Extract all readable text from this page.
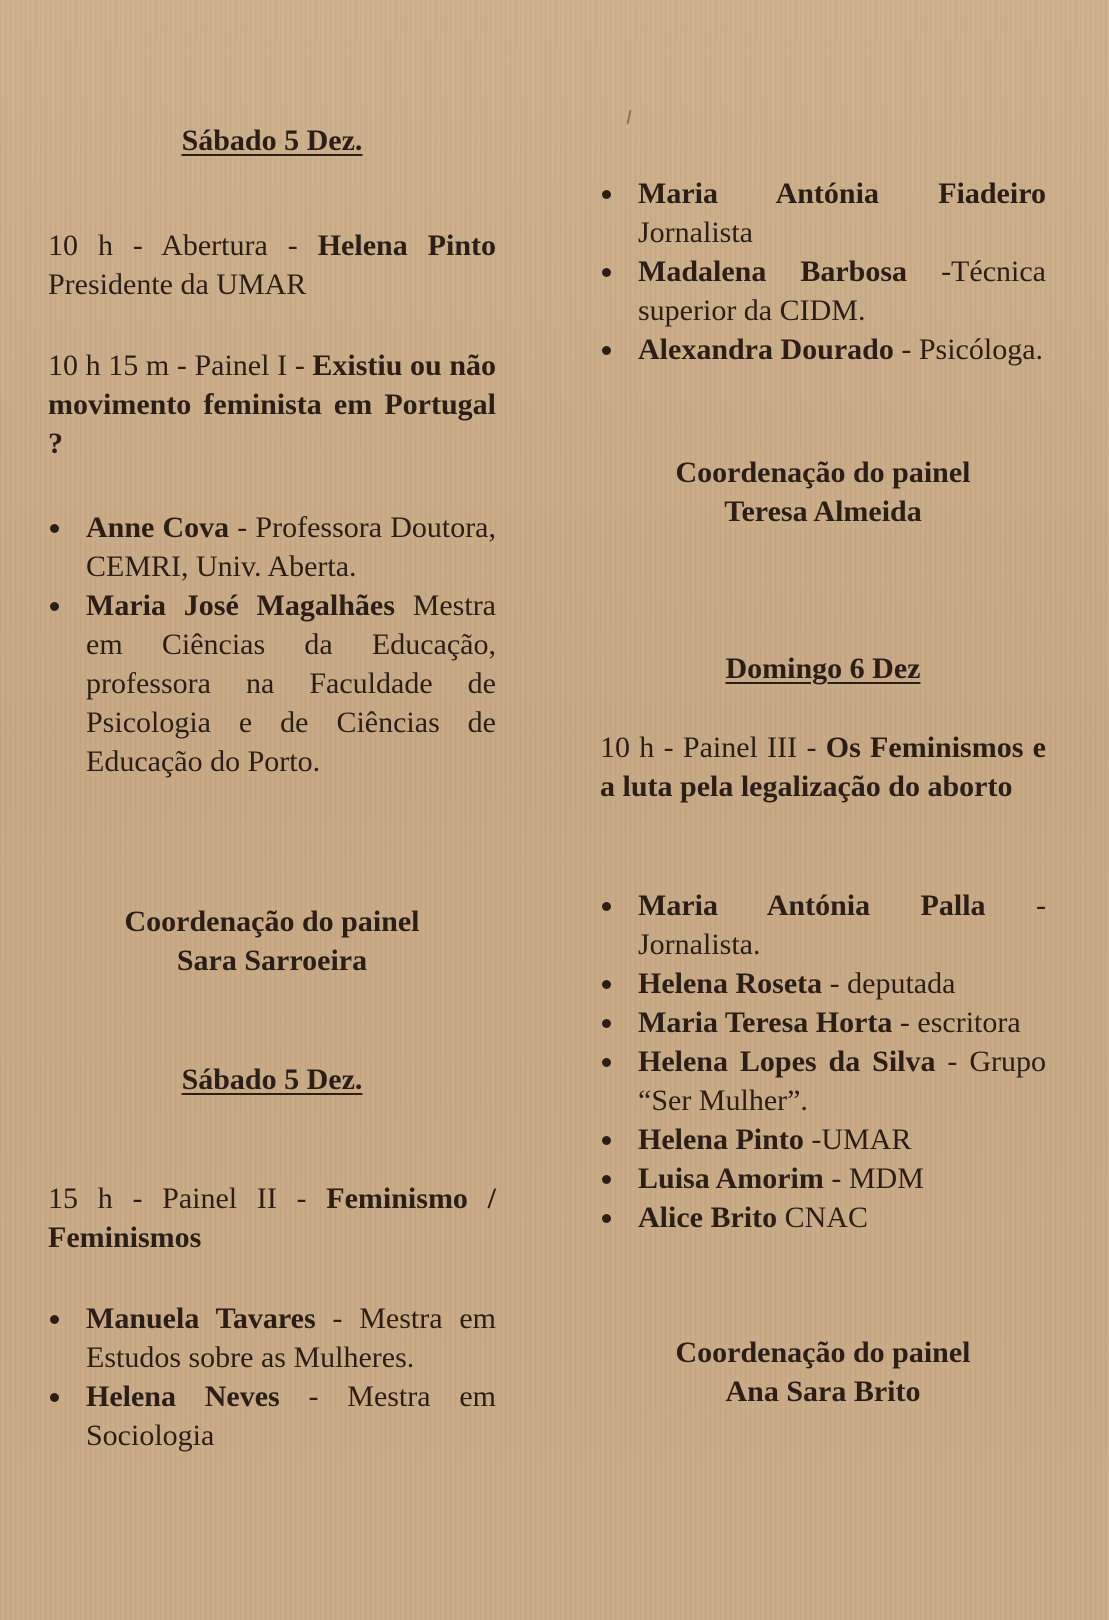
Sábado 5 Dez.
10 h - Abertura - Helena Pinto Presidente da UMAR
10 h 15 m - Painel I - Existiu ou não movimento feminista em Portugal ?
Anne Cova - Professora Doutora, CEMRI, Univ. Aberta.
Maria José Magalhães Mestra em Ciências da Educação, professora na Faculdade de Psicologia e de Ciências de Educação do Porto.
Coordenação do painel
Sara Sarroeira
Sábado 5 Dez.
15 h - Painel II - Feminismo / Feminismos
Manuela Tavares - Mestra em Estudos sobre as Mulheres.
Helena Neves - Mestra em Sociologia
Maria Antónia Fiadeiro Jornalista
Madalena Barbosa -Técnica superior da CIDM.
Alexandra Dourado - Psicóloga.
Coordenação do painel
Teresa Almeida
Domingo 6 Dez
10 h - Painel III - Os Feminismos e a luta pela legalização do aborto
Maria Antónia Palla - Jornalista.
Helena Roseta - deputada
Maria Teresa Horta - escritora
Helena Lopes da Silva - Grupo “Ser Mulher”.
Helena Pinto -UMAR
Luisa Amorim - MDM
Alice Brito CNAC
Coordenação do painel
Ana Sara Brito
